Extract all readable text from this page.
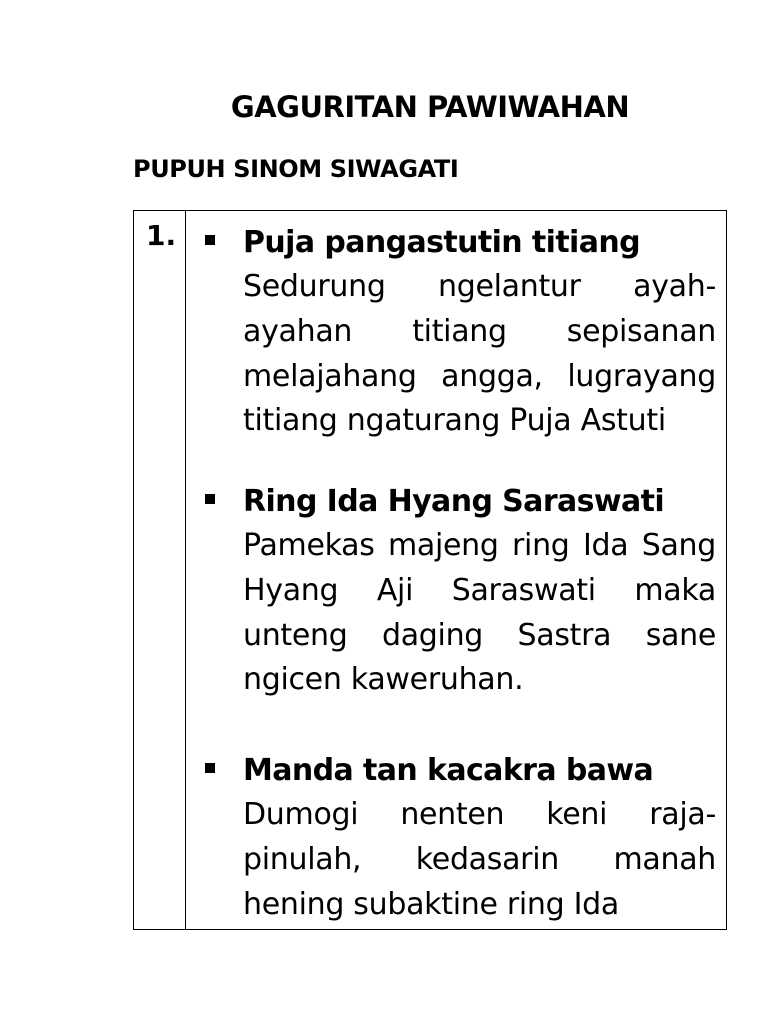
GAGURITAN PAWIWAHAN
PUPUH SINOM SIWAGATI
1. Puja pangastutin titiang
Sedurung ngelantur ayah-ayahan titiang sepisanan melajahang angga, lugrayang titiang ngaturang Puja Astuti
Ring Ida Hyang Saraswati
Pamekas majeng ring Ida Sang Hyang Aji Saraswati maka unteng daging Sastra sane ngicen kaweruhan.
Manda tan kacakra bawa
Dumogi nenten keni raja-pinulah, kedasarin manah hening subaktine ring Ida
